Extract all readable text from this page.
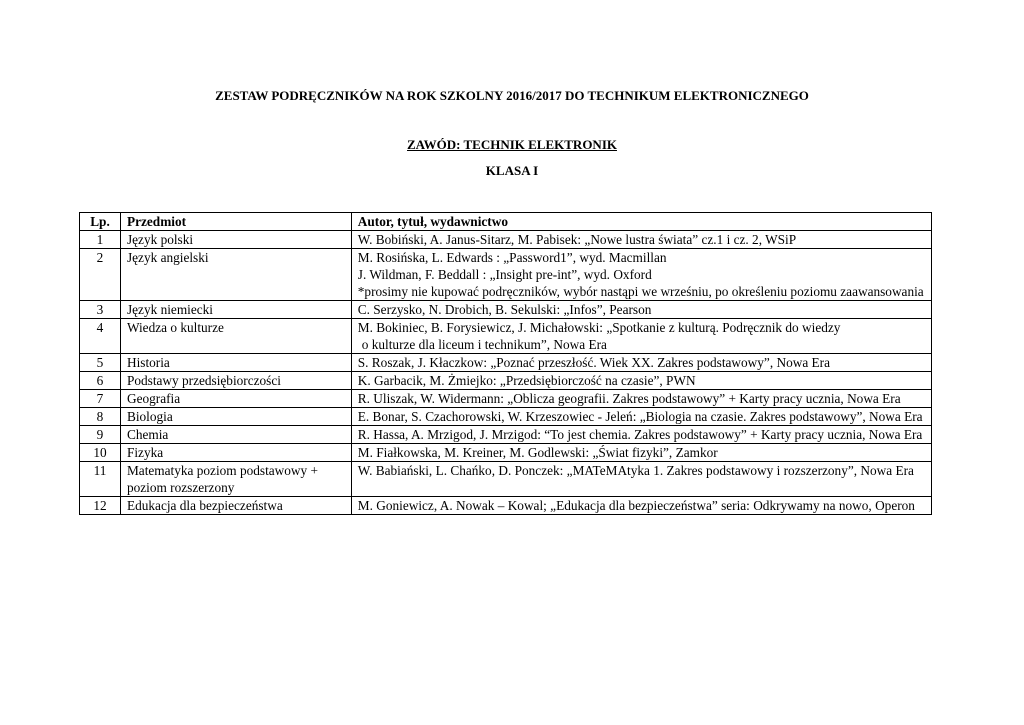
ZESTAW PODRĘCZNIKÓW NA ROK SZKOLNY 2016/2017 DO TECHNIKUM ELEKTRONICZNEGO
ZAWÓD: TECHNIK ELEKTRONIK
KLASA I
Lp.	Przedmiot	Autor, tytuł, wydawnictwo
1	Język polski	W. Bobiński, A. Janus-Sitarz, M. Pabisek: „Nowe lustra świata” cz.1 i cz. 2, WSiP

2	Język angielski	M. Rosińska, L. Edwards : „Password1”, wyd. Macmillan
J. Wildman, F. Beddall : „Insight pre-int”, wyd. Oxford
*prosimy nie kupować podręczników, wybór nastąpi we wrześniu, po określeniu poziomu zaawansowania

3	Język niemiecki	C. Serzysko, N. Drobich, B. Sekulski: „Infos”, Pearson

4	Wiedza o kulturze	M. Bokiniec, B. Forysiewicz, J. Michałowski: „Spotkanie z kulturą. Podręcznik do wiedzy
o kulturze dla liceum i technikum”, Nowa Era

5	Historia	S. Roszak, J. Kłaczkow: „Poznać przeszłość. Wiek XX. Zakres podstawowy”, Nowa Era

6	Podstawy przedsiębiorczości	K. Garbacik, M. Żmiejko: „Przedsiębiorczość na czasie”, PWN

7	Geografia	R. Uliszak, W. Widermann: „Oblicza geografii. Zakres podstawowy” + Karty pracy ucznia, Nowa Era

8	Biologia	E. Bonar, S. Czachorowski, W. Krzeszowiec - Jeleń: „Biologia na czasie. Zakres podstawowy”, Nowa Era

9	Chemia	R. Hassa, A. Mrzigod, J. Mrzigod: “To jest chemia. Zakres podstawowy” + Karty pracy ucznia, Nowa Era

10	Fizyka	M. Fiałkowska, M. Kreiner, M. Godlewski: „Świat fizyki”, Zamkor

11	Matematyka poziom podstawowy + poziom rozszerzony	W. Babiański, L. Chańko, D. Ponczek: „MATeMAtyka 1. Zakres podstawowy i rozszerzony”, Nowa Era

12	Edukacja dla bezpieczeństwa	M. Goniewicz, A. Nowak – Kowal; „Edukacja dla bezpieczeństwa” seria: Odkrywamy na nowo, Operon
